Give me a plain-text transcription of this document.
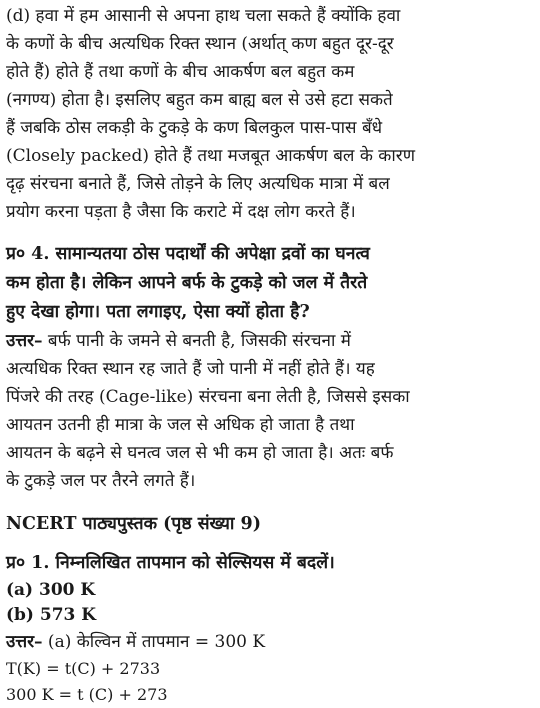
(d) हवा में हम आसानी से अपना हाथ चला सकते हैं क्योंकि हवा
के कणों के बीच अत्यधिक रिक्त स्थान (अर्थात् कण बहुत दूर-दूर
होते हैं) होते हैं तथा कणों के बीच आकर्षण बल बहुत कम
(नगण्य) होता है। इसलिए बहुत कम बाह्य बल से उसे हटा सकते
हैं जबकि ठोस लकड़ी के टुकड़े के कण बिलकुल पास-पास बँधे
(Closely packed) होते हैं तथा मजबूत आकर्षण बल के कारण
दृढ़ संरचना बनाते हैं, जिसे तोड़ने के लिए अत्यधिक मात्रा में बल
प्रयोग करना पड़ता है जैसा कि कराटे में दक्ष लोग करते हैं।
प्र० 4. सामान्यतया ठोस पदार्थों की अपेक्षा द्रवों का घनत्व
कम होता है। लेकिन आपने बर्फ के टुकड़े को जल में तैरते
हुए देखा होगा। पता लगाइए, ऐसा क्यों होता है?
उत्तर– बर्फ पानी के जमने से बनती है, जिसकी संरचना में
अत्यधिक रिक्त स्थान रह जाते हैं जो पानी में नहीं होते हैं। यह
पिंजरे की तरह (Cage-like) संरचना बना लेती है, जिससे इसका
आयतन उतनी ही मात्रा के जल से अधिक हो जाता है तथा
आयतन के बढ़ने से घनत्व जल से भी कम हो जाता है। अतः बर्फ
के टुकड़े जल पर तैरने लगते हैं।
NCERT पाठ्यपुस्तक (पृष्ठ संख्या 9)
प्र० 1. निम्नलिखित तापमान को सेल्सियस में बदलें।
(a) 300 K
(b) 573 K
उत्तर– (a) केल्विन में तापमान = 300 K
T(K) = t(C) + 2733
300 K = t (C) + 273
